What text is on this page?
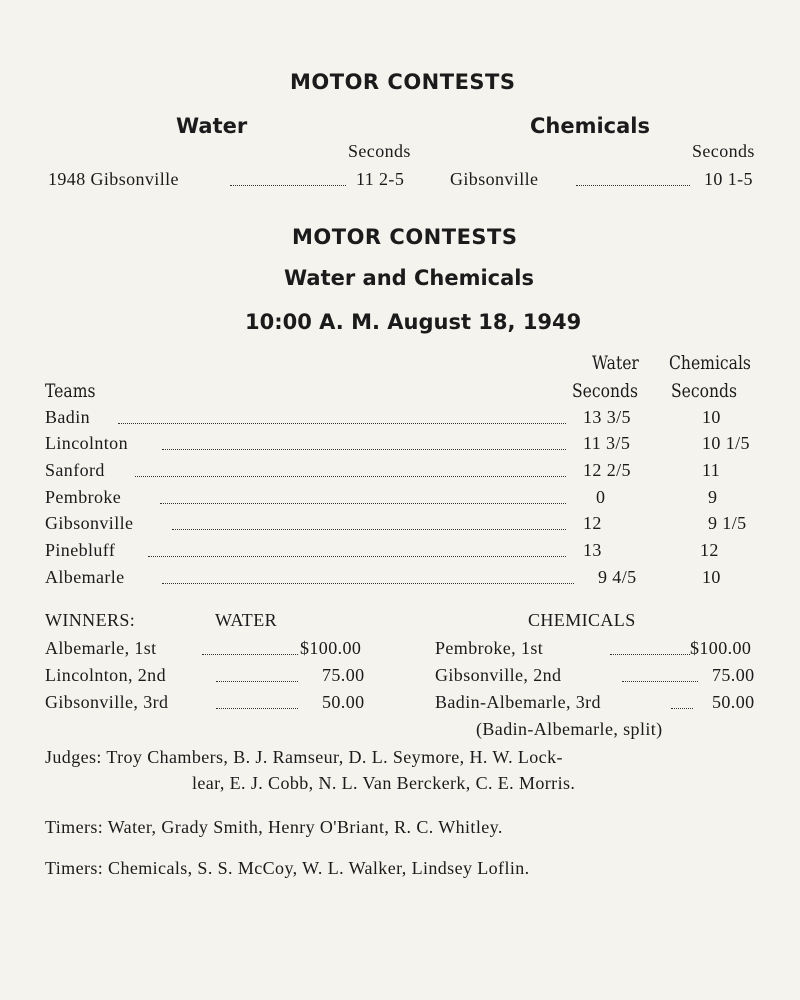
MOTOR CONTESTS
Water	Chemicals
Seconds	Seconds
1948 Gibsonville	11 2-5	Gibsonville	10 1-5
MOTOR CONTESTS
Water and Chemicals
10:00 A. M. August 18, 1949
Water Chemicals
Teams	Seconds Seconds
Badin	13 3/5	10
Lincolnton	11 3/5	10 1/5
Sanford	12 2/5	11
Pembroke	0	9
Gibsonville	12	9 1/5
Pinebluff	13	12
Albemarle	9 4/5	10
WINNERS:	WATER	CHEMICALS
Albemarle, 1st	$100.00
Lincolnton, 2nd	75.00
Gibsonville, 3rd	50.00
Pembroke, 1st	$100.00
Gibsonville, 2nd	75.00
Badin-Albemarle, 3rd	50.00
(Badin-Albemarle, split)
Judges: Troy Chambers, B. J. Ramseur, D. L. Seymore, H. W. Lock-
lear, E. J. Cobb, N. L. Van Berckerk, C. E. Morris.
Timers: Water, Grady Smith, Henry O'Briant, R. C. Whitley.
Timers: Chemicals, S. S. McCoy, W. L. Walker, Lindsey Loflin.
